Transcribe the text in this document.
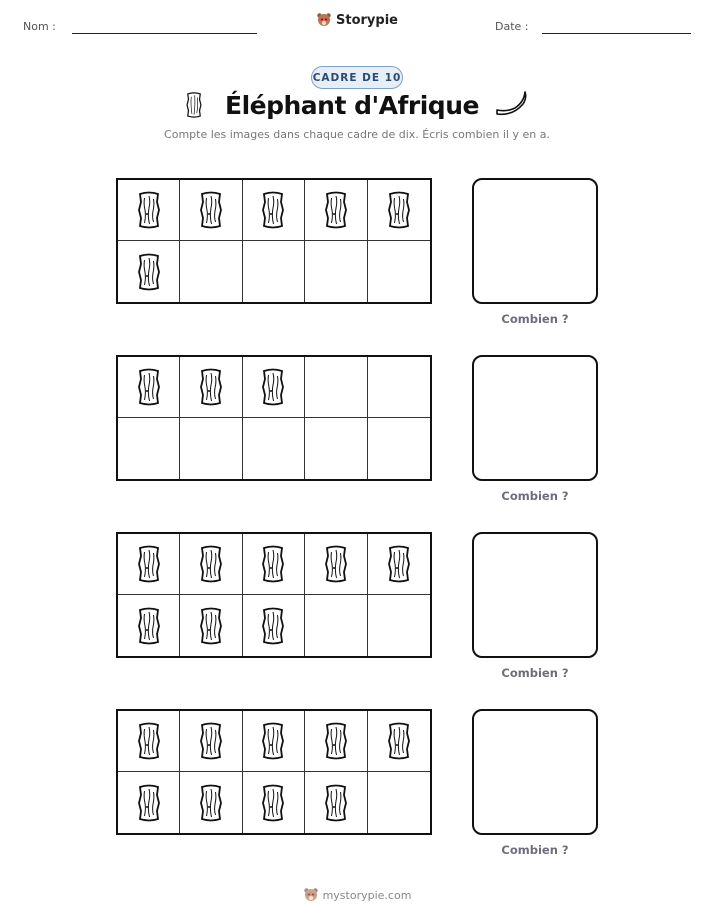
Nom :	Storypie	Date :
CADRE DE 10
Éléphant d'Afrique
Compte les images dans chaque cadre de dix. Écris combien il y en a.
Combien ?
Combien ?
Combien ?
Combien ?
mystorypie.com
